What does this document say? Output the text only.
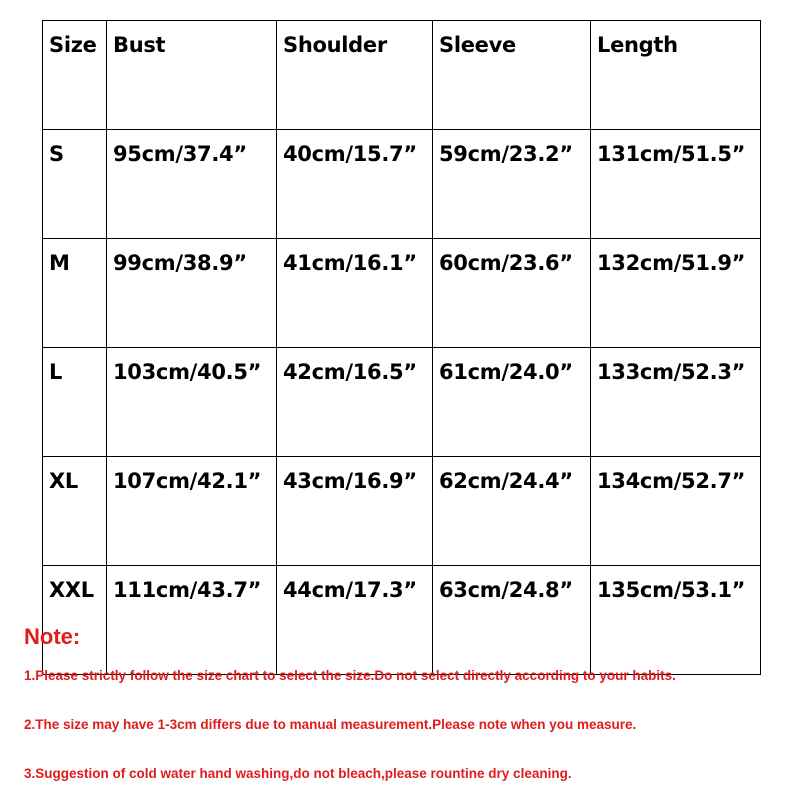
Size	Bust	Shoulder	Sleeve	Length
S	95cm/37.4”	40cm/15.7”	59cm/23.2”	131cm/51.5”
M	99cm/38.9”	41cm/16.1”	60cm/23.6”	132cm/51.9”
L	103cm/40.5”	42cm/16.5”	61cm/24.0”	133cm/52.3”
XL	107cm/42.1”	43cm/16.9”	62cm/24.4”	134cm/52.7”
XXL	111cm/43.7”	44cm/17.3”	63cm/24.8”	135cm/53.1”
Note:
1.Please strictly follow the size chart to select the size.Do not select directly according to your habits.
2.The size may have 1-3cm differs due to manual measurement.Please note when you measure.
3.Suggestion of cold water hand washing,do not bleach,please rountine dry cleaning.
